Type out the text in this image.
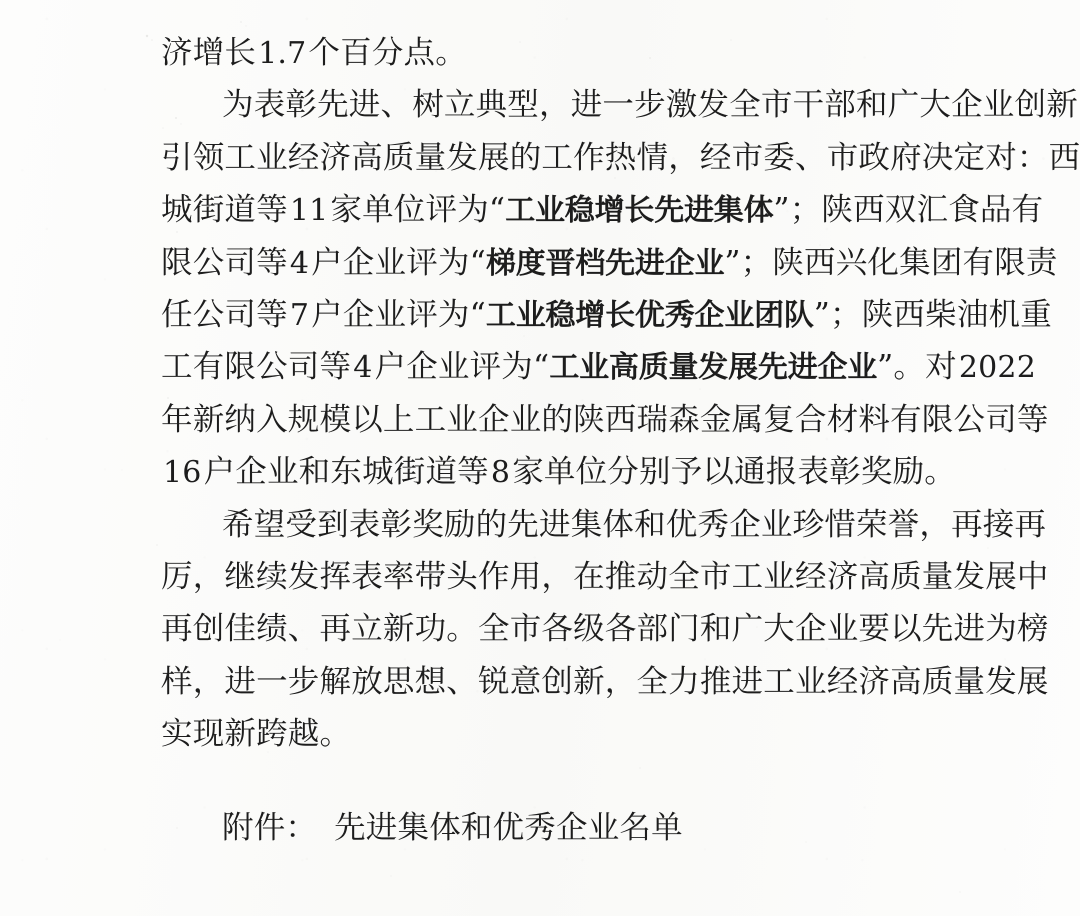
济增长1.7个百分点。
为表彰先进、树立典型，进一步激发全市干部和广大企业创新
引领工业经济高质量发展的工作热情，经市委、市政府决定对：西
城街道等11家单位评为“工业稳增长先进集体”；陕西双汇食品有
限公司等4户企业评为“梯度晋档先进企业”；陕西兴化集团有限责
任公司等7户企业评为“工业稳增长优秀企业团队”；陕西柴油机重
工有限公司等4户企业评为“工业高质量发展先进企业”。对2022
年新纳入规模以上工业企业的陕西瑞森金属复合材料有限公司等
16户企业和东城街道等8家单位分别予以通报表彰奖励。
希望受到表彰奖励的先进集体和优秀企业珍惜荣誉，再接再
厉，继续发挥表率带头作用，在推动全市工业经济高质量发展中
再创佳绩、再立新功。全市各级各部门和广大企业要以先进为榜
样，进一步解放思想、锐意创新，全力推进工业经济高质量发展
实现新跨越。
附件： 先进集体和优秀企业名单
